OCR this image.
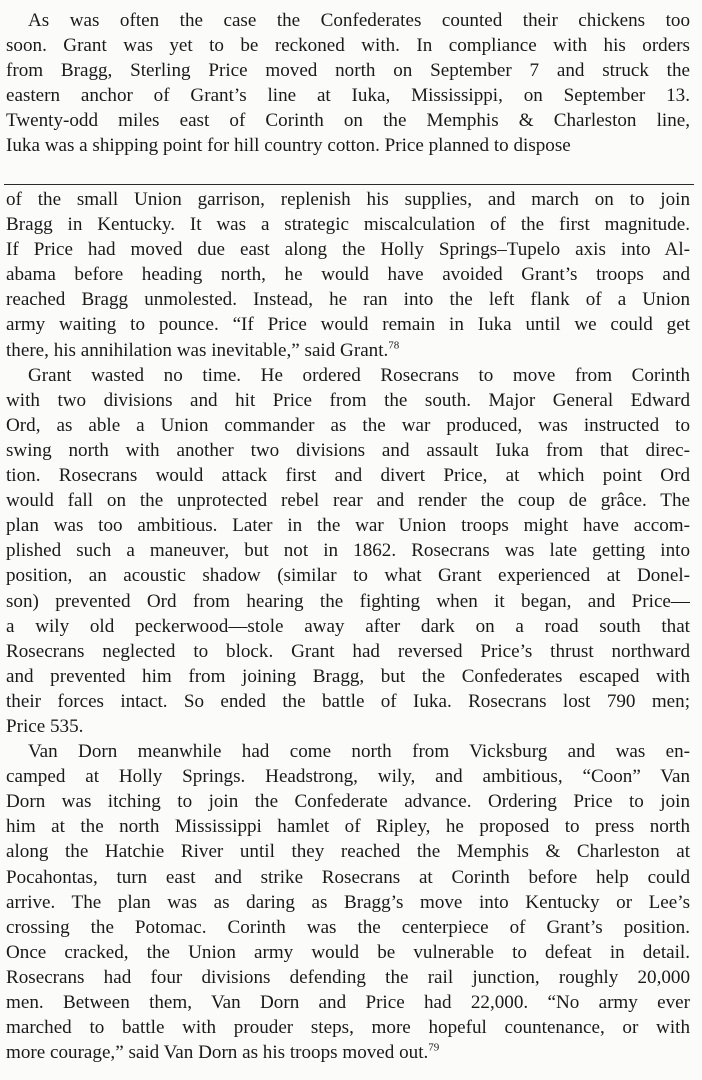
As was often the case the Confederates counted their chickens too
soon. Grant was yet to be reckoned with. In compliance with his orders
from Bragg, Sterling Price moved north on September 7 and struck the
eastern anchor of Grant’s line at Iuka, Mississippi, on September 13.
Twenty-odd miles east of Corinth on the Memphis & Charleston line,
Iuka was a shipping point for hill country cotton. Price planned to dispose

of the small Union garrison, replenish his supplies, and march on to join
Bragg in Kentucky. It was a strategic miscalculation of the first magnitude.
If Price had moved due east along the Holly Springs–Tupelo axis into Al-
abama before heading north, he would have avoided Grant’s troops and
reached Bragg unmolested. Instead, he ran into the left flank of a Union
army waiting to pounce. “If Price would remain in Iuka until we could get
there, his annihilation was inevitable,” said Grant.$^{78}$

Grant wasted no time. He ordered Rosecrans to move from Corinth
with two divisions and hit Price from the south. Major General Edward
Ord, as able a Union commander as the war produced, was instructed to
swing north with another two divisions and assault Iuka from that direc-
tion. Rosecrans would attack first and divert Price, at which point Ord
would fall on the unprotected rebel rear and render the coup de grâce. The
plan was too ambitious. Later in the war Union troops might have accom-
plished such a maneuver, but not in 1862. Rosecrans was late getting into
position, an acoustic shadow (similar to what Grant experienced at Donel-
son) prevented Ord from hearing the fighting when it began, and Price—
a wily old peckerwood—stole away after dark on a road south that
Rosecrans neglected to block. Grant had reversed Price’s thrust northward
and prevented him from joining Bragg, but the Confederates escaped with
their forces intact. So ended the battle of Iuka. Rosecrans lost 790 men;
Price 535.

Van Dorn meanwhile had come north from Vicksburg and was en-
camped at Holly Springs. Headstrong, wily, and ambitious, “Coon” Van
Dorn was itching to join the Confederate advance. Ordering Price to join
him at the north Mississippi hamlet of Ripley, he proposed to press north
along the Hatchie River until they reached the Memphis & Charleston at
Pocahontas, turn east and strike Rosecrans at Corinth before help could
arrive. The plan was as daring as Bragg’s move into Kentucky or Lee’s
crossing the Potomac. Corinth was the centerpiece of Grant’s position.
Once cracked, the Union army would be vulnerable to defeat in detail.
Rosecrans had four divisions defending the rail junction, roughly 20,000
men. Between them, Van Dorn and Price had 22,000. “No army ever
marched to battle with prouder steps, more hopeful countenance, or with
more courage,” said Van Dorn as his troops moved out.$^{79}$
